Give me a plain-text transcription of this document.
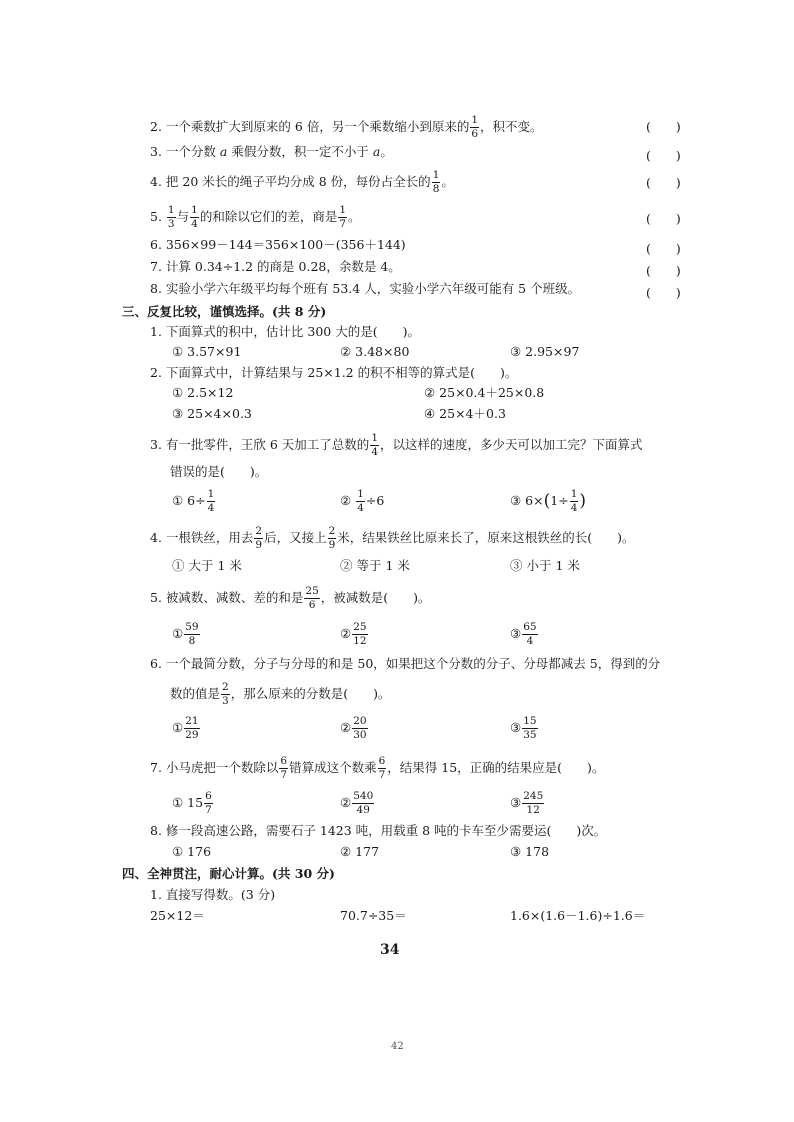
2. 一个乘数扩大到原来的 6 倍，另一个乘数缩小到原来的 $\frac{1}{6}$ ，积不变。	(　　)
3. 一个分数 a 乘假分数，积一定不小于 a。	(　　)
4. 把 20 米长的绳子平均分成 8 份，每份占全长的 $\frac{1}{8}$ 。	(　　)
5. $\frac{1}{3}$ 与 $\frac{1}{4}$ 的和除以它们的差，商是 $\frac{1}{7}$ 。	(　　)
6. 356×99－144＝356×100－(356＋144)	(　　)
7. 计算 0.34÷1.2 的商是 0.28，余数是 4。	(　　)
8. 实验小学六年级平均每个班有 53.4 人，实验小学六年级可能有 5 个班级。	(　　)
三、反复比较，谨慎选择。(共 8 分)
1. 下面算式的积中，估计比 300 大的是(　　)。
① 3.57×91	② 3.48×80	③ 2.95×97
2. 下面算式中，计算结果与 25×1.2 的积不相等的算式是(　　)。
① 2.5×12	② 25×0.4＋25×0.8
③ 25×4×0.3	④ 25×4＋0.3
3. 有一批零件，王欣 6 天加工了总数的 $\frac{1}{4}$ ，以这样的速度，多少天可以加工完？下面算式
错误的是(　　)。
① $6\div \frac{1}{4}$	② $\frac{1}{4} \div 6$	③ $6\times(1\div \frac{1}{4}$ )
4. 一根铁丝，用去 $\frac{2}{9}$ 后，又接上 $\frac{2}{9}$ 米，结果铁丝比原来长了，原来这根铁丝的长(　　)。
① 大于 1 米	② 等于 1 米	③ 小于 1 米
5. 被减数、减数、差的和是 $\frac{25}{6}$ ，被减数是(　　)。
① $\frac{59}{8}$	② $\frac{25}{12}$	③ $\frac{65}{4}$
6. 一个最简分数，分子与分母的和是 50，如果把这个分数的分子、分母都减去 5，得到的分
数的值是 $\frac{2}{3}$ ，那么原来的分数是(　　)。
① $\frac{21}{29}$	② $\frac{20}{30}$	③ $\frac{15}{35}$
7. 小马虎把一个数除以 $\frac{6}{7}$ 错算成这个数乘 $\frac{6}{7}$ ，结果得 15，正确的结果应是(　　)。
① $15 \frac{6}{7}$	② $\frac{540}{49}$	③ $\frac{245}{12}$
8. 修一段高速公路，需要石子 1423 吨，用载重 8 吨的卡车至少需要运(　　)次。
① 176	② 177	③ 178
四、全神贯注，耐心计算。(共 30 分)
1. 直接写得数。(3 分)
25×12＝	70.7÷35＝	1.6×(1.6－1.6)÷1.6＝
34
42
